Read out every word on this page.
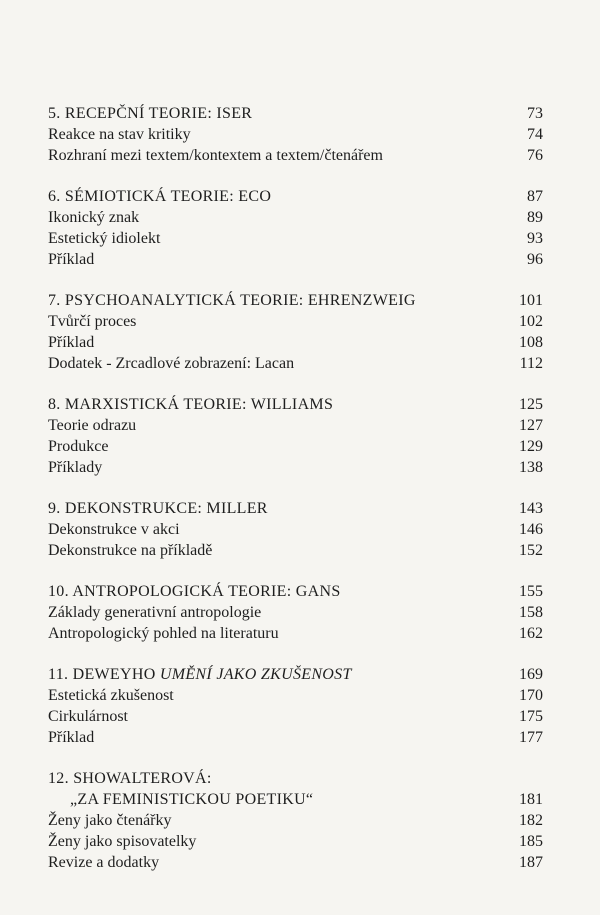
5. RECEPČNÍ TEORIE: ISER	73
Reakce na stav kritiky	74
Rozhraní mezi textem/kontextem a textem/čtenářem	76
6. SÉMIOTICKÁ TEORIE: ECO	87
Ikonický znak	89
Estetický idiolekt	93
Příklad	96
7. PSYCHOANALYTICKÁ TEORIE: EHRENZWEIG	101
Tvůrčí proces	102
Příklad	108
Dodatek - Zrcadlové zobrazení: Lacan	112
8. MARXISTICKÁ TEORIE: WILLIAMS	125
Teorie odrazu	127
Produkce	129
Příklady	138
9. DEKONSTRUKCE: MILLER	143
Dekonstrukce v akci	146
Dekonstrukce na příkladě	152
10. ANTROPOLOGICKÁ TEORIE: GANS	155
Základy generativní antropologie	158
Antropologický pohled na literaturu	162
11. DEWEYHO UMĚNÍ JAKO ZKUŠENOST	169
Estetická zkušenost	170
Cirkulárnost	175
Příklad	177
12. SHOWALTEROVÁ:
„ZA FEMINISTICKOU POETIKU“	181
Ženy jako čtenářky	182
Ženy jako spisovatelky	185
Revize a dodatky	187
